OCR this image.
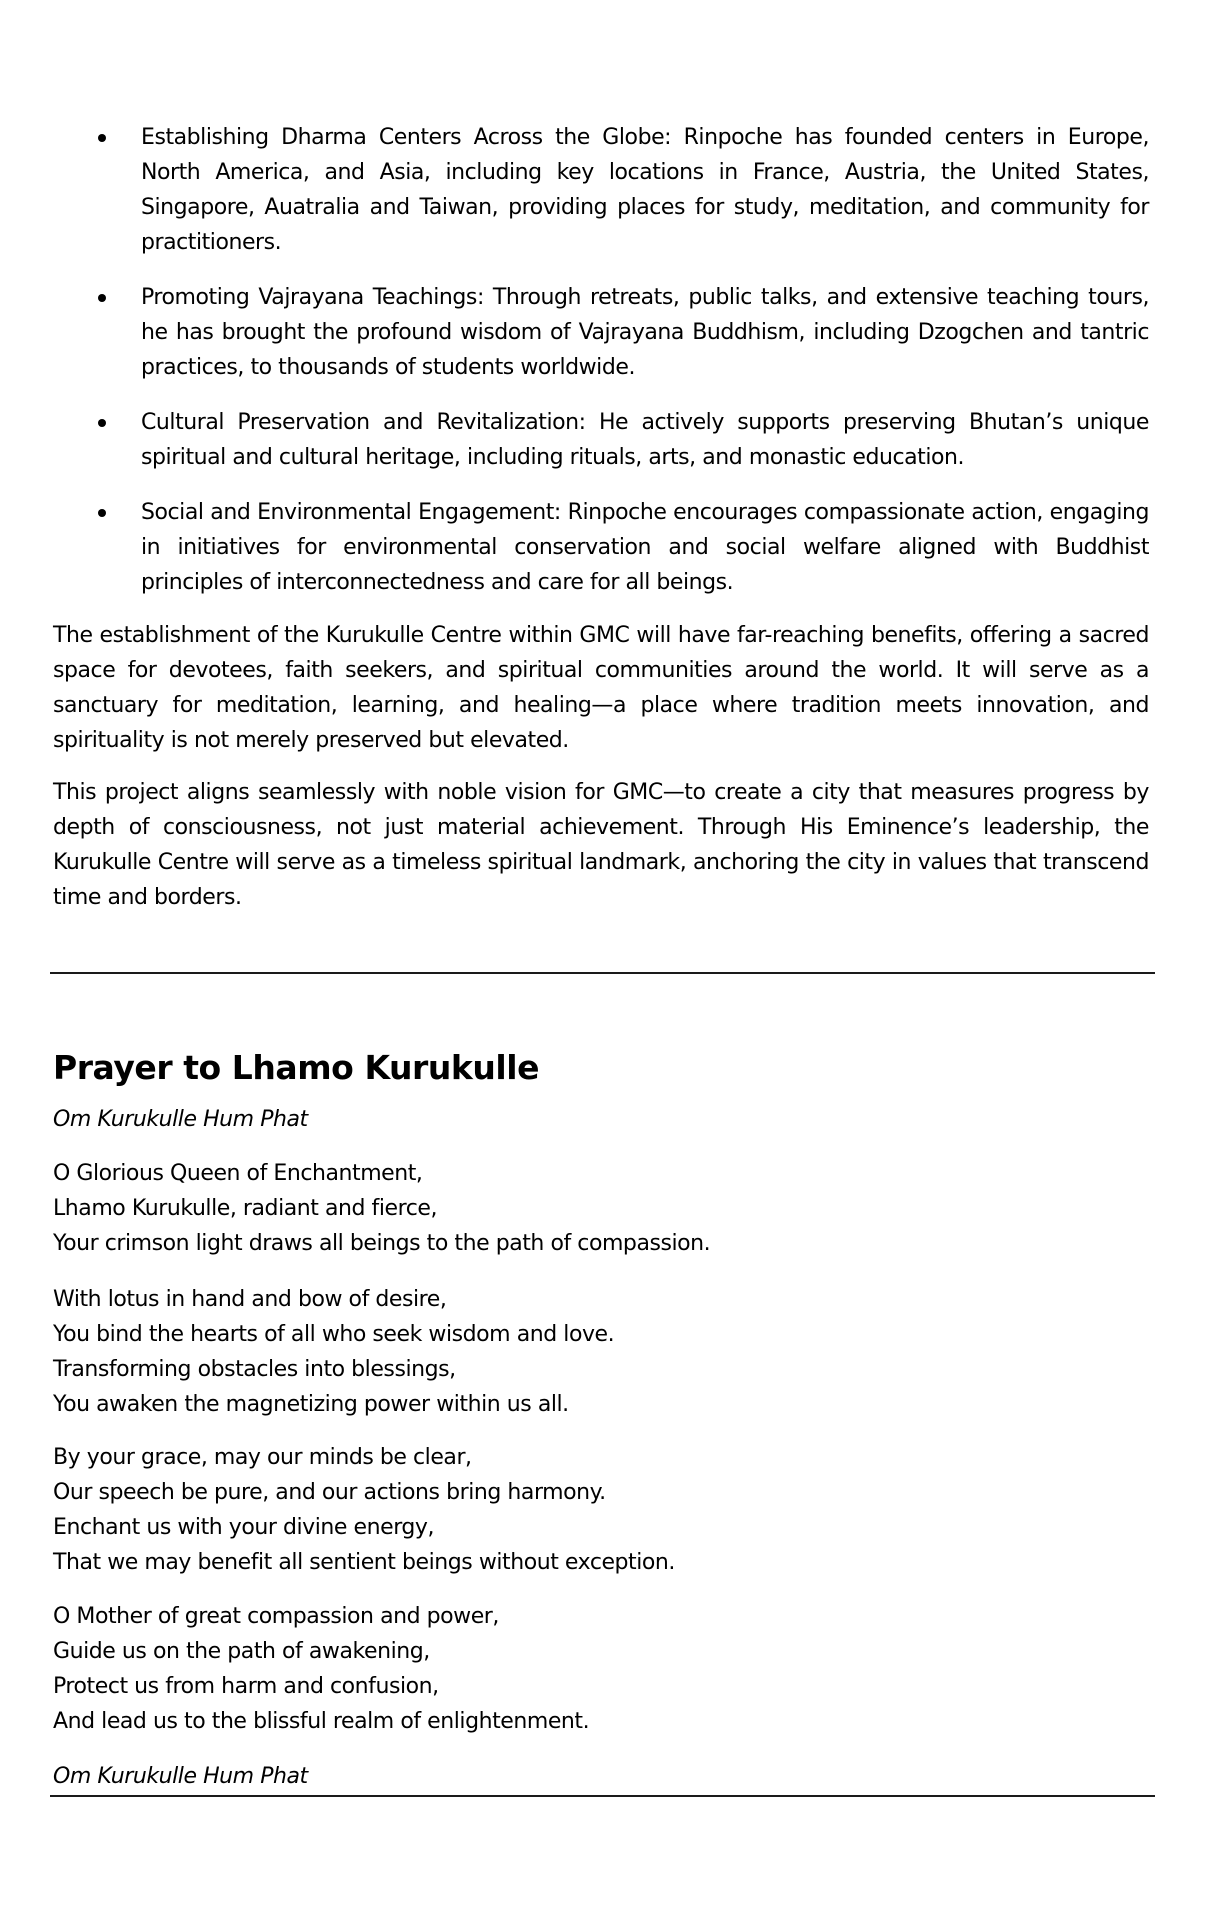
Establishing Dharma Centers Across the Globe: Rinpoche has founded centers in Europe, North America, and Asia, including key locations in France, Austria, the United States, Singapore, Auatralia and Taiwan, providing places for study, meditation, and community for practitioners.
Promoting Vajrayana Teachings: Through retreats, public talks, and extensive teaching tours, he has brought the profound wisdom of Vajrayana Buddhism, including Dzogchen and tantric practices, to thousands of students worldwide.
Cultural Preservation and Revitalization: He actively supports preserving Bhutan’s unique spiritual and cultural heritage, including rituals, arts, and monastic education.
Social and Environmental Engagement: Rinpoche encourages compassionate action, engaging in initiatives for environmental conservation and social welfare aligned with Buddhist principles of interconnectedness and care for all beings.

The establishment of the Kurukulle Centre within GMC will have far-reaching benefits, offering a sacred space for devotees, faith seekers, and spiritual communities around the world. It will serve as a sanctuary for meditation, learning, and healing—a place where tradition meets innovation, and spirituality is not merely preserved but elevated.

This project aligns seamlessly with noble vision for GMC—to create a city that measures progress by depth of consciousness, not just material achievement. Through His Eminence’s leadership, the Kurukulle Centre will serve as a timeless spiritual landmark, anchoring the city in values that transcend time and borders.

Prayer to Lhamo Kurukulle

Om Kurukulle Hum Phat

O Glorious Queen of Enchantment,
Lhamo Kurukulle, radiant and fierce,
Your crimson light draws all beings to the path of compassion.
With lotus in hand and bow of desire,
You bind the hearts of all who seek wisdom and love.
Transforming obstacles into blessings,
You awaken the magnetizing power within us all.
By your grace, may our minds be clear,
Our speech be pure, and our actions bring harmony.
Enchant us with your divine energy,
That we may benefit all sentient beings without exception.
O Mother of great compassion and power,
Guide us on the path of awakening,
Protect us from harm and confusion,
And lead us to the blissful realm of enlightenment.

Om Kurukulle Hum Phat
